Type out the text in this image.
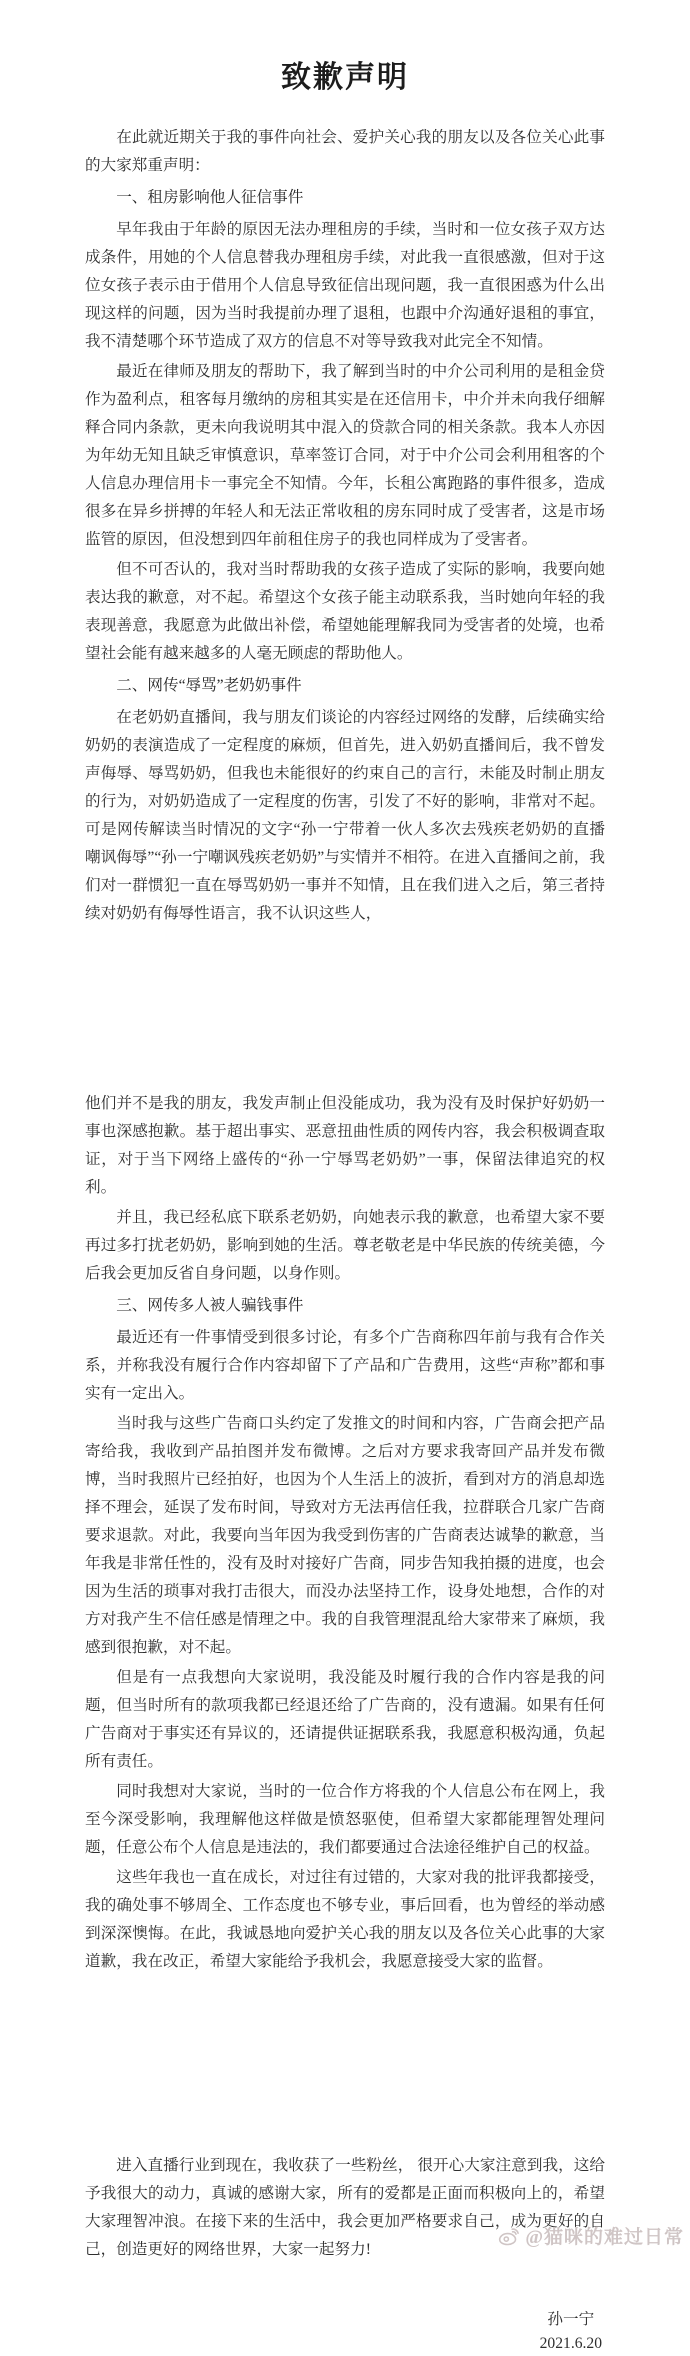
致歉声明
在此就近期关于我的事件向社会、爱护关心我的朋友以及各位关心此事的大家郑重声明：
一、租房影响他人征信事件
早年我由于年龄的原因无法办理租房的手续，当时和一位女孩子双方达成条件，用她的个人信息替我办理租房手续，对此我一直很感激，但对于这位女孩子表示由于借用个人信息导致征信出现问题，我一直很困惑为什么出现这样的问题，因为当时我提前办理了退租，也跟中介沟通好退租的事宜，我不清楚哪个环节造成了双方的信息不对等导致我对此完全不知情。
最近在律师及朋友的帮助下，我了解到当时的中介公司利用的是租金贷作为盈利点，租客每月缴纳的房租其实是在还信用卡，中介并未向我仔细解释合同内条款，更未向我说明其中混入的贷款合同的相关条款。我本人亦因为年幼无知且缺乏审慎意识，草率签订合同，对于中介公司会利用租客的个人信息办理信用卡一事完全不知情。今年，长租公寓跑路的事件很多，造成很多在异乡拼搏的年轻人和无法正常收租的房东同时成了受害者，这是市场监管的原因，但没想到四年前租住房子的我也同样成为了受害者。
但不可否认的，我对当时帮助我的女孩子造成了实际的影响，我要向她表达我的歉意，对不起。希望这个女孩子能主动联系我，当时她向年轻的我表现善意，我愿意为此做出补偿，希望她能理解我同为受害者的处境，也希望社会能有越来越多的人毫无顾虑的帮助他人。
二、网传“辱骂”老奶奶事件
在老奶奶直播间，我与朋友们谈论的内容经过网络的发酵，后续确实给奶奶的表演造成了一定程度的麻烦，但首先，进入奶奶直播间后，我不曾发声侮辱、辱骂奶奶，但我也未能很好的约束自己的言行，未能及时制止朋友的行为，对奶奶造成了一定程度的伤害，引发了不好的影响，非常对不起。可是网传解读当时情况的文字“孙一宁带着一伙人多次去残疾老奶奶的直播嘲讽侮辱”“孙一宁嘲讽残疾老奶奶”与实情并不相符。在进入直播间之前，我们对一群惯犯一直在辱骂奶奶一事并不知情，且在我们进入之后，第三者持续对奶奶有侮辱性语言，我不认识这些人，
他们并不是我的朋友，我发声制止但没能成功，我为没有及时保护好奶奶一事也深感抱歉。基于超出事实、恶意扭曲性质的网传内容，我会积极调查取证，对于当下网络上盛传的“孙一宁辱骂老奶奶”一事，保留法律追究的权利。
并且，我已经私底下联系老奶奶，向她表示我的歉意，也希望大家不要再过多打扰老奶奶，影响到她的生活。尊老敬老是中华民族的传统美德，今后我会更加反省自身问题，以身作则。
三、网传多人被人骗钱事件
最近还有一件事情受到很多讨论，有多个广告商称四年前与我有合作关系，并称我没有履行合作内容却留下了产品和广告费用，这些“声称”都和事实有一定出入。
当时我与这些广告商口头约定了发推文的时间和内容，广告商会把产品寄给我，我收到产品拍图并发布微博。之后对方要求我寄回产品并发布微博，当时我照片已经拍好，也因为个人生活上的波折，看到对方的消息却选择不理会，延误了发布时间，导致对方无法再信任我，拉群联合几家广告商要求退款。对此，我要向当年因为我受到伤害的广告商表达诚挚的歉意，当年我是非常任性的，没有及时对接好广告商，同步告知我拍摄的进度，也会因为生活的琐事对我打击很大，而没办法坚持工作，设身处地想，合作的对方对我产生不信任感是情理之中。我的自我管理混乱给大家带来了麻烦，我感到很抱歉，对不起。
但是有一点我想向大家说明，我没能及时履行我的合作内容是我的问题，但当时所有的款项我都已经退还给了广告商的，没有遗漏。如果有任何广告商对于事实还有异议的，还请提供证据联系我，我愿意积极沟通，负起所有责任。
同时我想对大家说，当时的一位合作方将我的个人信息公布在网上，我至今深受影响，我理解他这样做是愤怒驱使，但希望大家都能理智处理问题，任意公布个人信息是违法的，我们都要通过合法途径维护自己的权益。
这些年我也一直在成长，对过往有过错的，大家对我的批评我都接受，我的确处事不够周全、工作态度也不够专业，事后回看，也为曾经的举动感到深深懊悔。在此，我诚恳地向爱护关心我的朋友以及各位关心此事的大家道歉，我在改正，希望大家能给予我机会，我愿意接受大家的监督。
进入直播行业到现在，我收获了一些粉丝， 很开心大家注意到我，这给予我很大的动力，真诚的感谢大家，所有的爱都是正面而积极向上的，希望大家理智冲浪。在接下来的生活中，我会更加严格要求自己，成为更好的自己，创造更好的网络世界，大家一起努力!
孙一宁
2021.6.20
@猫咪的难过日常
